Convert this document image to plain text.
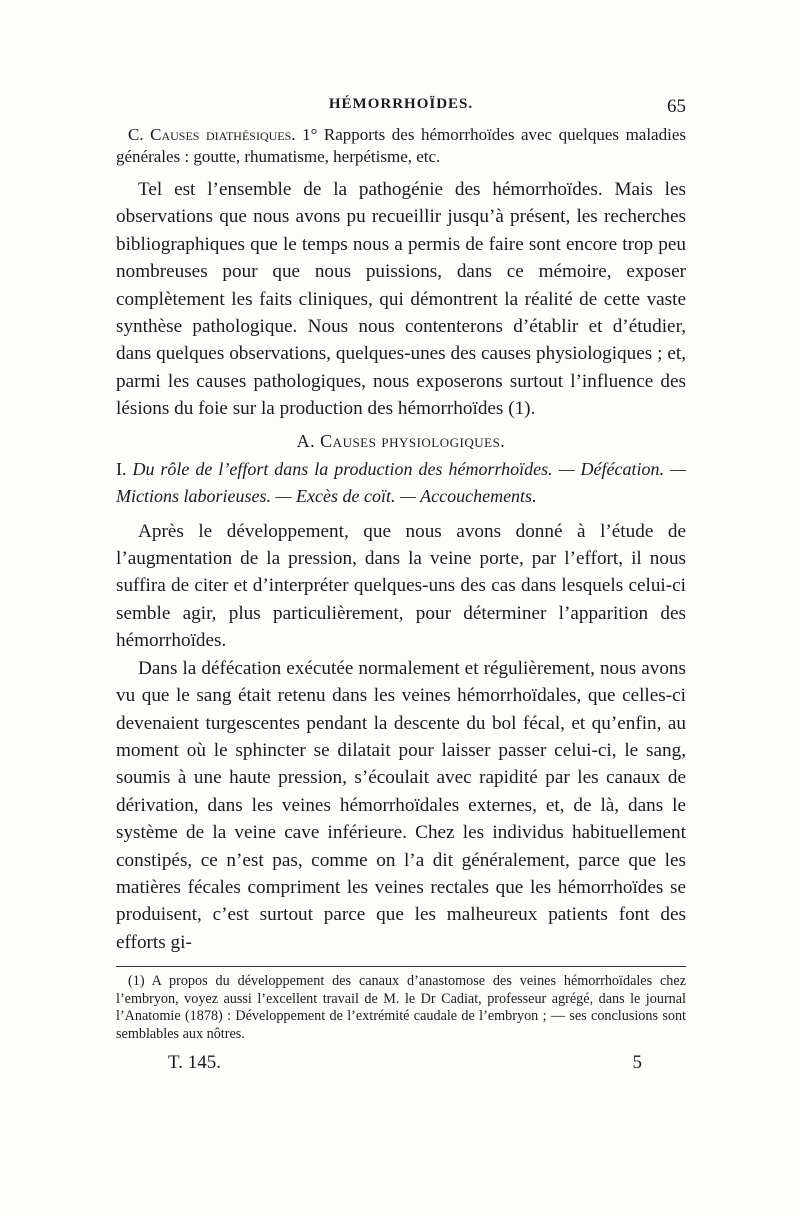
HÉMORRHOÏDES.	65

C. Causes diathésiques. 1° Rapports des hémorrhoïdes avec quelques maladies générales : goutte, rhumatisme, herpétisme, etc.

Tel est l’ensemble de la pathogénie des hémorrhoïdes. Mais les observations que nous avons pu recueillir jusqu’à présent, les recherches bibliographiques que le temps nous a permis de faire sont encore trop peu nombreuses pour que nous puissions, dans ce mémoire, exposer complètement les faits cliniques, qui démontrent la réalité de cette vaste synthèse pathologique. Nous nous contenterons d’établir et d’étudier, dans quelques observations, quelques-unes des causes physiologiques ; et, parmi les causes pathologiques, nous exposerons surtout l’influence des lésions du foie sur la production des hémorrhoïdes (1).

A. Causes physiologiques.

I. Du rôle de l’effort dans la production des hémorrhoïdes. — Défécation. — Mictions laborieuses. — Excès de coït. — Accouchements.

Après le développement, que nous avons donné à l’étude de l’augmentation de la pression, dans la veine porte, par l’effort, il nous suffira de citer et d’interpréter quelques-uns des cas dans lesquels celui-ci semble agir, plus particulièrement, pour déterminer l’apparition des hémorrhoïdes.

Dans la défécation exécutée normalement et régulièrement, nous avons vu que le sang était retenu dans les veines hémorrhoïdales, que celles-ci devenaient turgescentes pendant la descente du bol fécal, et qu’enfin, au moment où le sphincter se dilatait pour laisser passer celui-ci, le sang, soumis à une haute pression, s’écoulait avec rapidité par les canaux de dérivation, dans les veines hémorrhoïdales externes, et, de là, dans le système de la veine cave inférieure. Chez les individus habituellement constipés, ce n’est pas, comme on l’a dit généralement, parce que les matières fécales compriment les veines rectales que les hémorrhoïdes se produisent, c’est surtout parce que les malheureux patients font des efforts gi-

(1) A propos du développement des canaux d’anastomose des veines hémorrhoïdales chez l’embryon, voyez aussi l’excellent travail de M. le Dr Cadiat, professeur agrégé, dans le journal l’Anatomie (1878) : Développement de l’extrémité caudale de l’embryon ; — ses conclusions sont semblables aux nôtres.

T. 145.	5
